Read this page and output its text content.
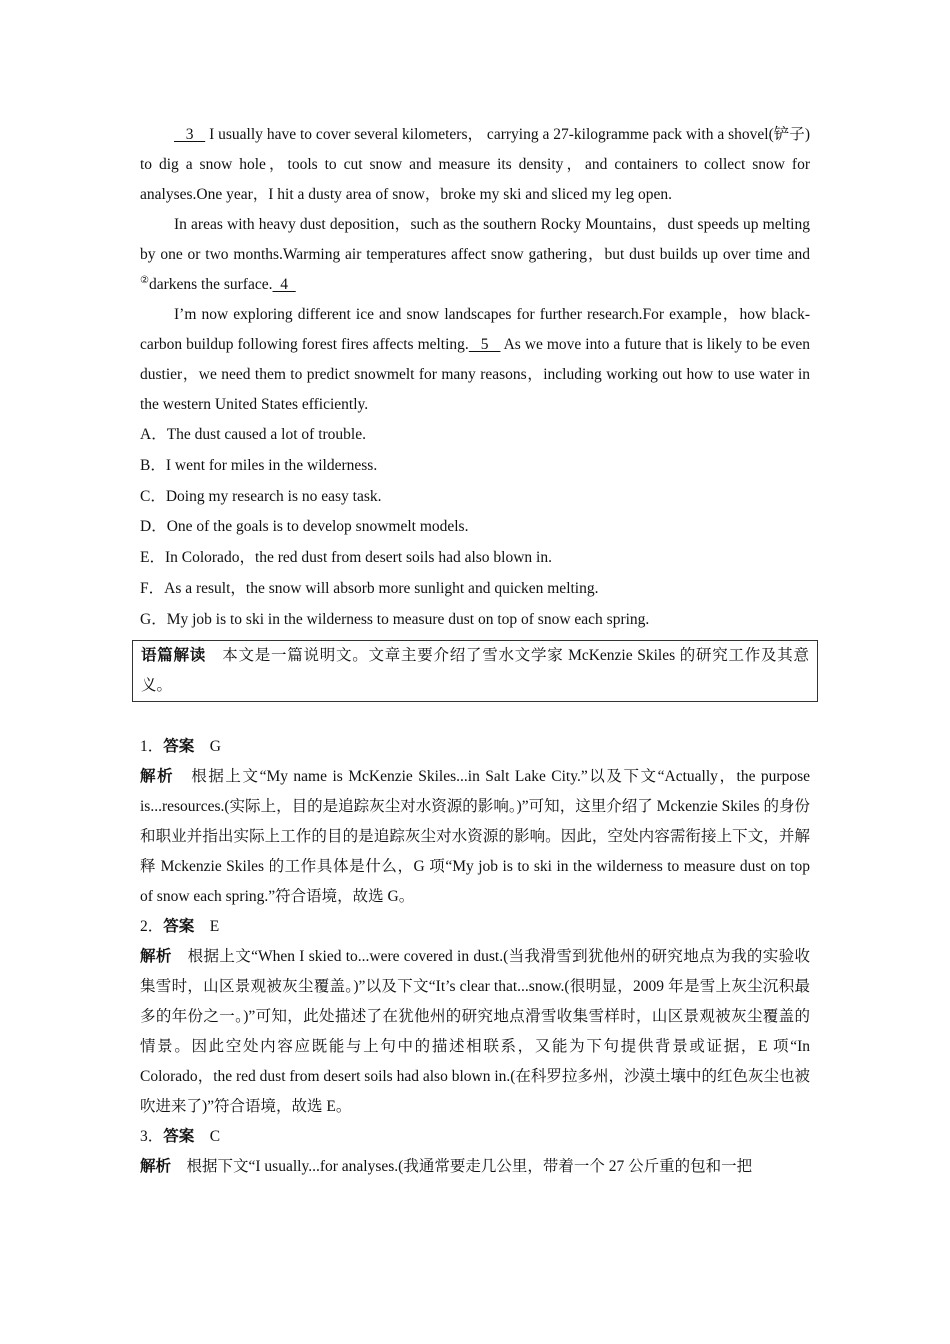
3    I usually have to cover several kilometers， carrying a 27-kilogramme pack with a shovel(铲子) to dig a snow hole，tools to cut snow and measure its density，and containers to collect snow for analyses.One year，I hit a dusty area of snow，broke my ski and sliced my leg open.

In areas with heavy dust deposition，such as the southern Rocky Mountains，dust speeds up melting by one or two months.Warming air temperatures affect snow gathering，but dust builds up over time and ②darkens the surface.  4

I’m now exploring different ice and snow landscapes for further research.For example，how black-carbon buildup following forest fires affects melting.   5    As we move into a future that is likely to be even dustier，we need them to predict snowmelt for many reasons，including working out how to use water in the western United States efficiently.

A．The dust caused a lot of trouble.

B．I went for miles in the wilderness.

C．Doing my research is no easy task.

D．One of the goals is to develop snowmelt models.

E．In Colorado，the red dust from desert soils had also blown in.

F．As a result，the snow will absorb more sunlight and quicken melting.

G．My job is to ski in the wilderness to measure dust on top of snow each spring.

语篇解读　本文是一篇说明文。文章主要介绍了雪水文学家 McKenzie Skiles 的研究工作及其意义。

1．答案　G

解析　根据上文“My name is McKenzie Skiles...in Salt Lake City.”以及下文“Actually，the purpose is...resources.(实际上，目的是追踪灰尘对水资源的影响。)”可知，这里介绍了 Mckenzie Skiles 的身份和职业并指出实际上工作的目的是追踪灰尘对水资源的影响。因此，空处内容需衔接上下文，并解释 Mckenzie Skiles 的工作具体是什么，G 项“My job is to ski in the wilderness to measure dust on top of snow each spring.”符合语境，故选 G。

2．答案　E

解析　根据上文“When I skied to...were covered in dust.(当我滑雪到犹他州的研究地点为我的实验收集雪时，山区景观被灰尘覆盖。)”以及下文“It’s clear that...snow.(很明显，2009 年是雪上灰尘沉积最多的年份之一。)”可知，此处描述了在犹他州的研究地点滑雪收集雪样时，山区景观被灰尘覆盖的情景。因此空处内容应既能与上句中的描述相联系，又能为下句提供背景或证据，E 项“In Colorado，the red dust from desert soils had also blown in.(在科罗拉多州，沙漠土壤中的红色灰尘也被吹进来了)”符合语境，故选 E。

3．答案　C

解析　根据下文“I usually...for analyses.(我通常要走几公里，带着一个 27 公斤重的包和一把
